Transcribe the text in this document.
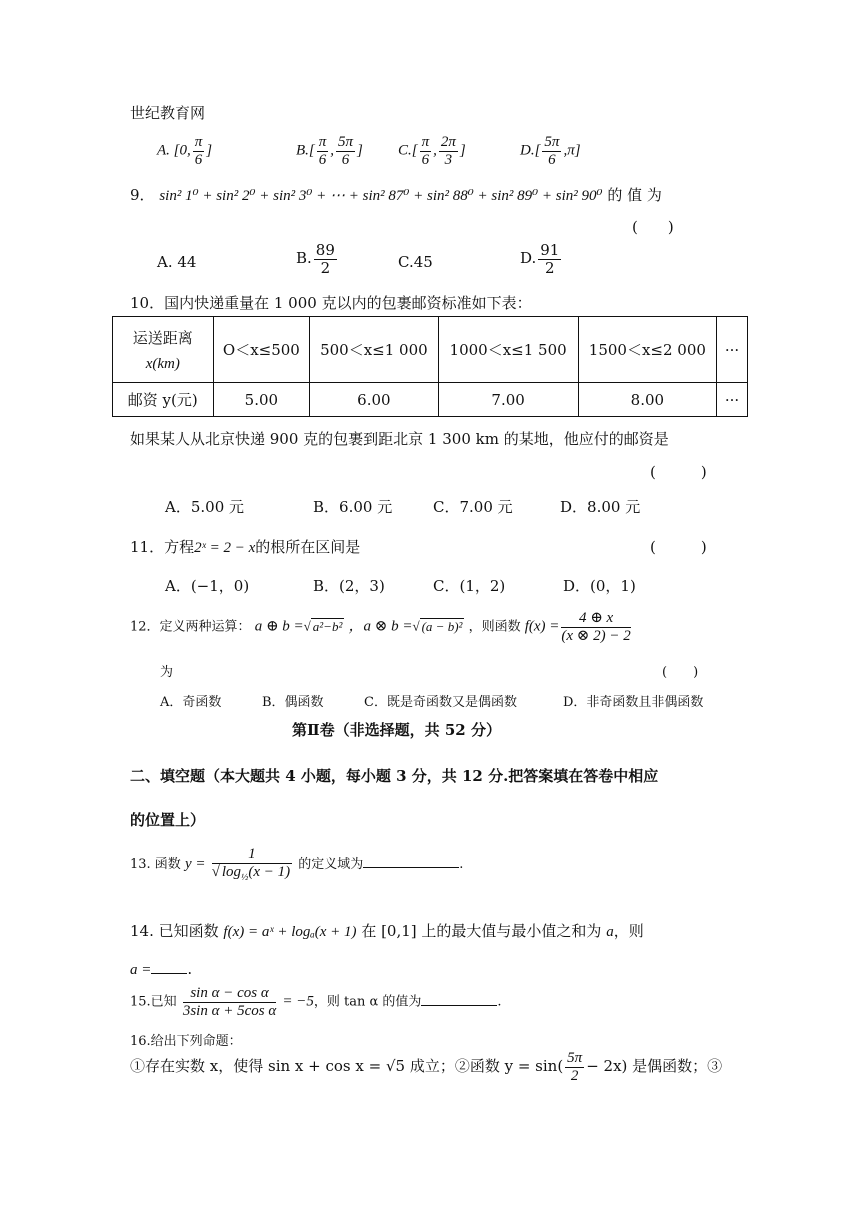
世纪教育网
A. [0, $\frac{\pi}{6}$ ]	$B.[ \frac{\pi}{6}$ , $\frac{5\pi}{6}$ ] $C.[ \frac{\pi}{6}$ , $\frac{2\pi}{3}$ ]	$D.[ \frac{5\pi}{6} ,\pi]$
9． sin² 1⁰ + sin² 2⁰ + sin² 3⁰ + ⋯ + sin² 87⁰ + sin² 88⁰ + sin² 89⁰ + sin² 90⁰ 的 值 为
(　　)
A. 44	B. $\frac{89}{2}$	C.45	D. $\frac{91}{2}$
10．国内快递重量在 1 000 克以内的包裹邮资标准如下表：
运送距离
x(km)	O＜x≤500	500＜x≤1 000	1000＜x≤1 500	1500＜x≤2 000	···
邮资 y(元)	5.00	6.00	7.00	8.00	···
如果某人从北京快递 900 克的包裹到距北京 1 300 km 的某地，他应付的邮资是
(　　　)
A．5.00 元	B．6.00 元	C．7.00 元	D．8.00 元
11．方程2ˣ = 2 − x的根所在区间是	(　　　)
A．(−1，0)	B．(2，3)	C．(1，2)	D．(0，1)
12．定义两种运算： a ⊕ b =√ a²−b² ，a ⊗ b =√ (a − b)² ，则函数 $f(x) = \frac{4 \oplus x}{(x \otimes 2) - 2}$
为	(　　)
A．奇函数	B．偶函数	C．既是奇函数又是偶函数	D．非奇函数且非偶函数
第Ⅱ卷（非选择题，共 52 分）
二、填空题（本大题共 4 小题，每小题 3 分，共 12 分.把答案填在答卷中相应
的位置上）
13. 函数 $y = \frac{1}{√ \log_{\frac{1}{2}}(x - 1)}$ 的定义域为	.
14. 已知函数 f(x) = aˣ + logₐ(x + 1) 在 [0,1] 上的最大值与最小值之和为 a，则
a = .
15.已知 $\frac{\text{sin α − cos α}}{\text{3sin α + 5cos α}} = -5$，则 tan α 的值为	.
16.给出下列命题：
①存在实数 x，使得 sin x + cos x = √5 成立；②函数 $y = \sin( \frac{5\pi}{2} - 2x)$ 是偶函数；③
